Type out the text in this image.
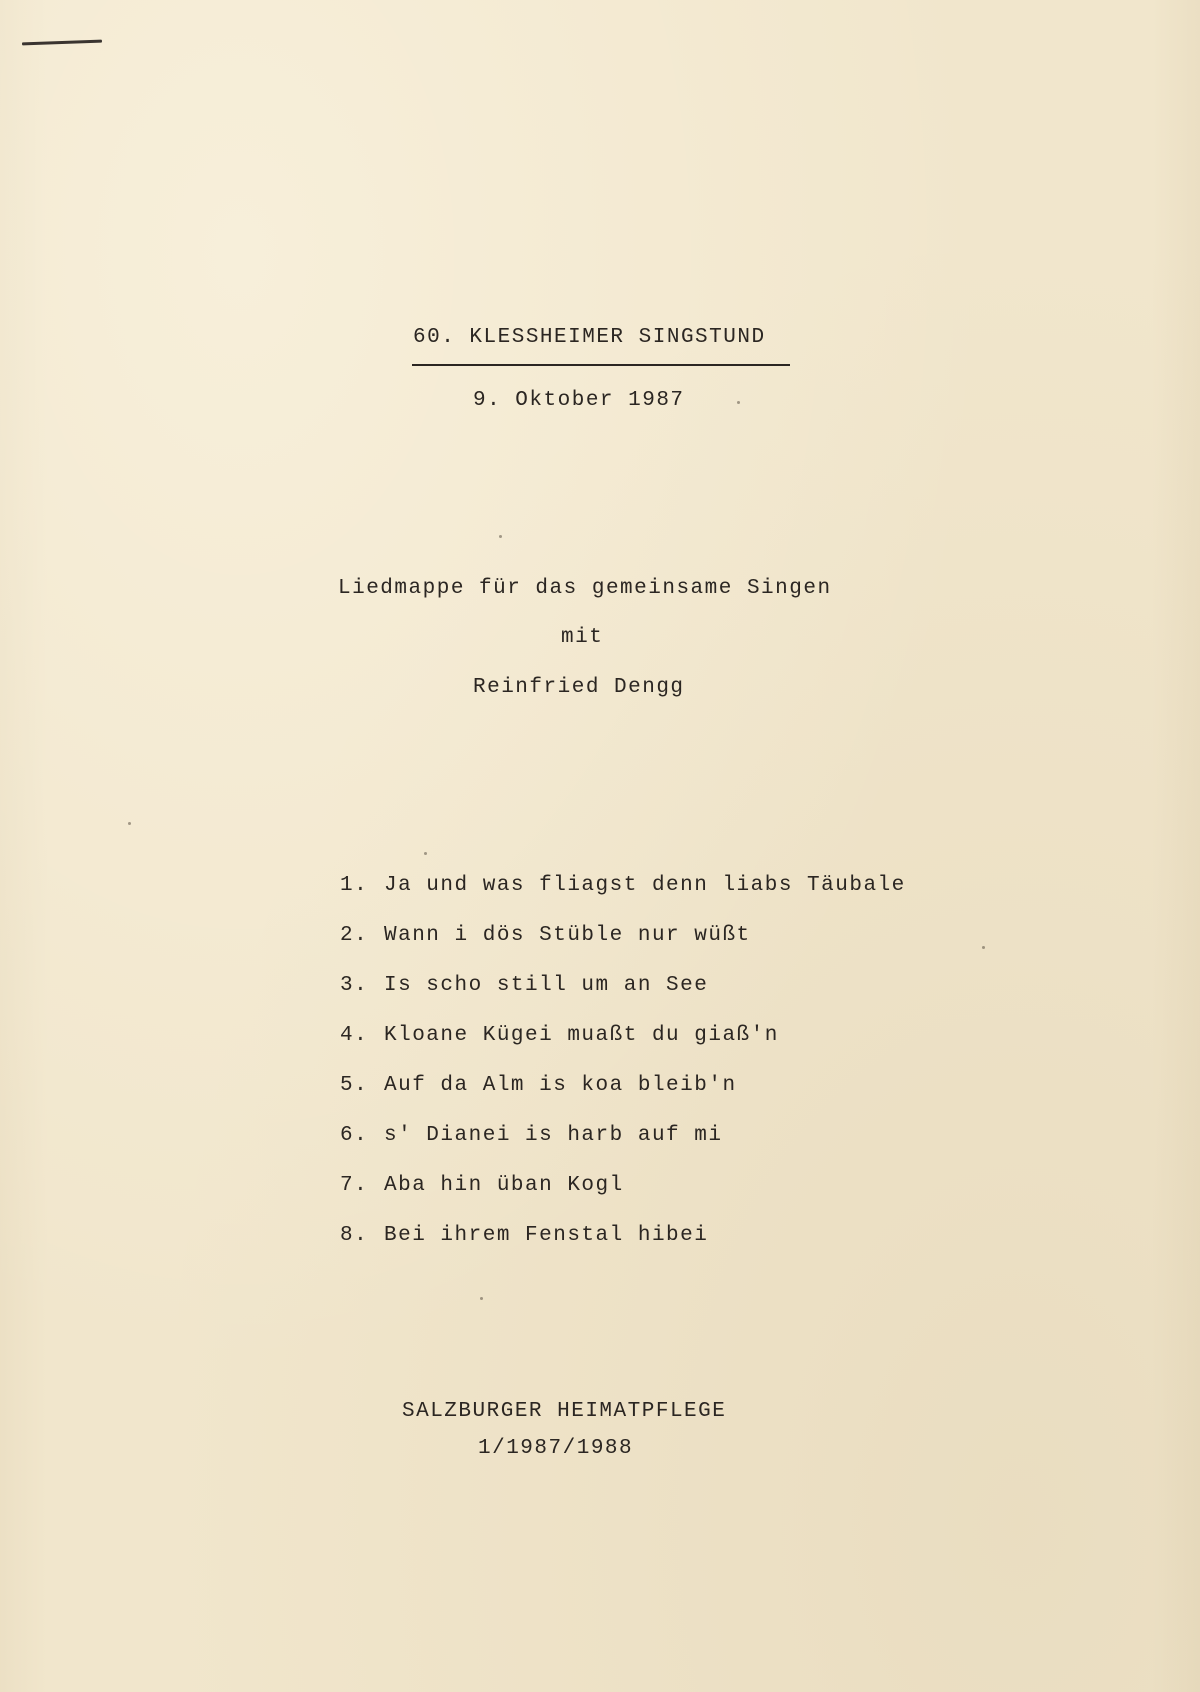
60. KLESSHEIMER SINGSTUND
9. Oktober 1987
Liedmappe für das gemeinsame Singen
mit
Reinfried Dengg
1. Ja und was fliagst denn liabs Täubale
2. Wann i dös Stüble nur wüßt
3. Is scho still um an See
4. Kloane Kügei muaßt du giaß'n
5. Auf da Alm is koa bleib'n
6. s' Dianei is harb auf mi
7. Aba hin üban Kogl
8. Bei ihrem Fenstal hibei
SALZBURGER HEIMATPFLEGE
1/1987/1988
